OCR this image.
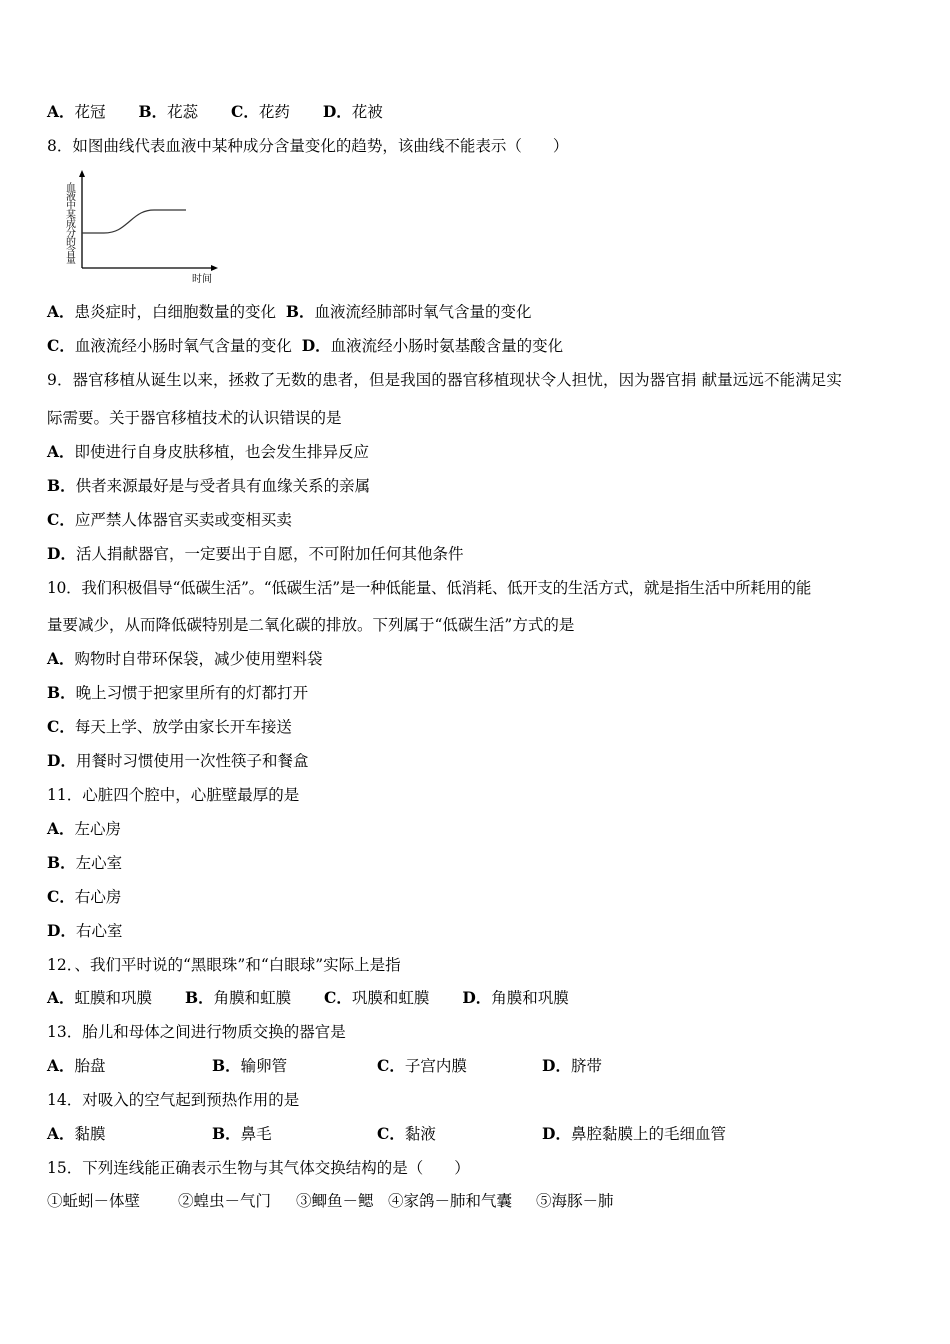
A．花冠 B．花蕊 C．花药 D．花被
8．如图曲线代表血液中某种成分含量变化的趋势，该曲线不能表示（　　）
血液中某成分的含量
时间
A．患炎症时，白细胞数量的变化 B．血液流经肺部时氧气含量的变化
C．血液流经小肠时氧气含量的变化 D．血液流经小肠时氨基酸含量的变化
9．器官移植从诞生以来，拯救了无数的患者，但是我国的器官移植现状令人担忧，因为器官捐 献量远远不能满足实
际需要。关于器官移植技术的认识错误的是
A．即使进行自身皮肤移植，也会发生排异反应
B．供者来源最好是与受者具有血缘关系的亲属
C．应严禁人体器官买卖或变相买卖
D．活人捐献器官，一定要出于自愿，不可附加任何其他条件
10．我们积极倡导“低碳生活”。“低碳生活”是一种低能量、低消耗、低开支的生活方式，就是指生活中所耗用的能
量要减少，从而降低碳特别是二氧化碳的排放。下列属于“低碳生活”方式的是
A．购物时自带环保袋，减少使用塑料袋
B．晚上习惯于把家里所有的灯都打开
C．每天上学、放学由家长开车接送
D．用餐时习惯使用一次性筷子和餐盒
11．心脏四个腔中，心脏壁最厚的是
A．左心房
B．左心室
C．右心房
D．右心室
12．、我们平时说的“黑眼珠”和“白眼球”实际上是指
A．虹膜和巩膜 B．角膜和虹膜 C．巩膜和虹膜 D．角膜和巩膜
13．胎儿和母体之间进行物质交换的器官是
A．胎盘	B．输卵管	C．子宫内膜	D．脐带
14．对吸入的空气起到预热作用的是
A．黏膜	B．鼻毛	C．黏液	D．鼻腔黏膜上的毛细血管
15．下列连线能正确表示生物与其气体交换结构的是（　　）
①蚯蚓－体壁 ②蝗虫－气门 ③鲫鱼－鳃 ④家鸽－肺和气囊 ⑤海豚－肺
